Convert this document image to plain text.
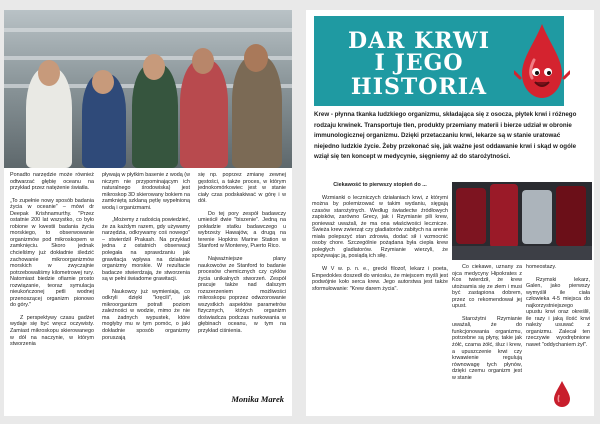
Ponadto narzędzie może również odtwarzać głębię oceanu na przykład przez natężenie światła.

„To zupełnie nowy sposób badania życia w oceanie” – mówi dr Deepak Krishnamurthy. "Przez ostatnie 200 lat wszystko, co było robione w kwestii badania życia morskiego, to obserwowanie organizmów pod mikroskopem w zamknięciu. Skoro jednak chcieliśmy już dokładnie śledzić zachowanie mikroorganizmów morskich w zwyczajnie potrzebowaliśmy kilometrowej rury. Natomiast biedzie ofiarnie prosto rozwiązanie, teoraz symulacja nieukończonej petli wodnej przenoszącej organizm pionowo do góry."

Z perspektywy czasu gadżet wydaje się być wręcz oczywisty. Zamiast mikroskopu skierowanego w dół na naczynie, w którym stworzenia

pływają w płytkim basenie z wodą (w niczym nie przypominającym ich naturalnego środowiska) jest mikroskop 3D skierowany bokiem na zamkniętą szklaną pętlę wypełnioną wodą i organizmami.

„Możemy z radością powiedzieć, że za każdym razem, gdy używamy narzędzia, odkrywamy coś nowego” – stwierdził Prakash. Na przykład jedna z ostatnich obserwacji polegała na sprawdzaniu jak grawitacja wpływa na działanie organizmy morskie. W rezultacie badacze stwierdzają, że stworzenia są w pełni świadome grawitacji.

Naukowcy już wymieniają, co odkryli dzięki "kręcili", jak mikroorganizm potrafi poziom zależności w wodzie, mimo że nie ma żadnych wypustek, które mogłyby mu w tym pomóc, o jaki dokładnie sposób organizmy poruszają

się np. poprzez zmianę zewnej gęstości, a także proces, w którym jednokomórkowiec jest w stanie ciały czas podskakiwać w górę i w dół.

Do tej pory zespół badawczy umieścił dwie "biszenie". Jedną na pokładzie statku badawczego u wybrzeży Hawajów, a drugą na terenie Hopkins Marine Station w Stanford w Monterey, Puerto Rico.

Najważniejsze plany naukowców ze Stanford to badanie procesów chemicznych czy cyklów życia unikalnych stworzeń. Zespół pracuje także nad dalszym rozszerzeniem możliwości mikroskopu poprzez odwzorowanie wszystkich aspektów parametrów fizycznych, których organizm doświadcza podczas nurkowania w głębinach oceanu, w tym na przykład ciśnienia.

Monika Marek
DAR KRWI
I JEGO
HISTORIA
Krew - płynna tkanka ludzkiego organizmu, składająca się z osocza, płytek krwi i różnego rodzaju krwinek. Transportuje tlen, produkty przemiany materii i bierze udział w obronie immunologicznej organizmu. Dzięki przetaczaniu krwi, lekarze są w stanie uratować niejedno ludzkie życie. Żeby przekonać się, jak ważne jest oddawanie krwi i skąd w ogóle wziął się ten koncept w medycynie, sięgniemy aż do starożytności.

Ciekawość to pierwszy stopień do ...

Wzmianki o leczniczych działaniach krwi, z którymi można by polemizować w takim wydaniu, sięgają czasów starożytnych. Według świadectw źródłowych zapisków, zarówno Grecy, jak i Rzymianie pili krew, ponieważ uważali, że ma ona właściwości lecznicze. Świeża krew zwierząt czy gladiatorów zabitych na arenie miała polepszyć stan zdrowia, dodać sił i wzmocnić osoby chore. Szczególnie pożądana była ciepła krew poległych gladiatorów. Rzymianie wierzyli, że spożywając ją, posiądą ich siłę.

W V w. p. n. e., grecki filozof, lekarz i poeta, Empedokles doszedł do wniosku, że miejscem myśli jest podwójnie koło serca krew. Jego autorstwa jest także sformułowanie: "Krew darem życia".

Co ciekawe, uznany za ojca medycyny Hipokrates z Kos twierdził, że krew utożsamia się ze złem i musi być zastąpiona dobrem, przez co rekomendował jej upust.

Starożytni Rzymianie uważali, że do funkcjonowania organizmu, potrzebne są płyny, takie jak żółć, czarna żółć, śluz i krew, a upuszczenie krwi czy krwawienie regulują równowagę tych płynów, dzięki czemu organizm jest w stanie

homeostazy.

Rzymski lekarz, Galen, jako pierwszy wymyślił ile ciała człowieka 4-5 miejsca do najkorzystniejszego upustu krwi oraz określił, ile razy i jaką ilość krwi należy usuwać z organizmu. Zalecał ten rzeczywie wyodrębnione nawet "oddychaniem żył".
